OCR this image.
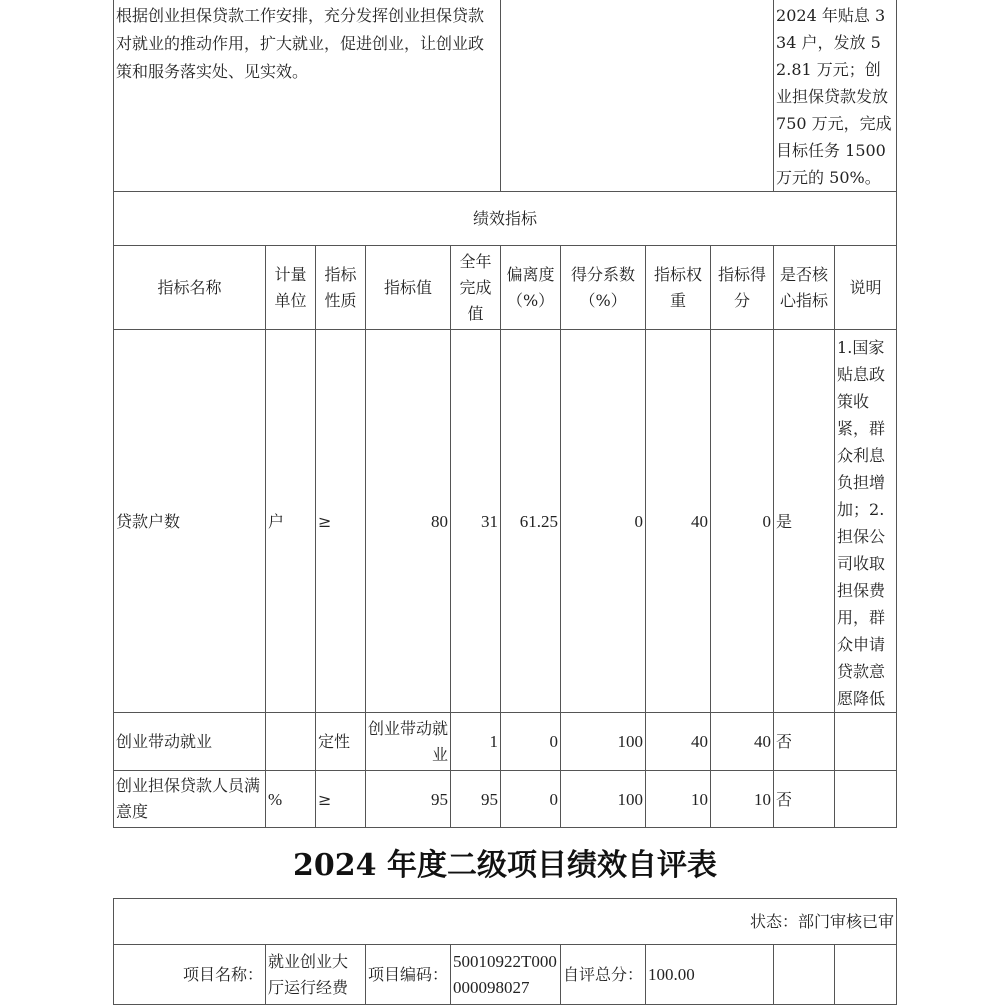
根据创业担保贷款工作安排，充分发挥创业担保贷款对就业的推动作用，扩大就业，促进创业，让创业政策和服务落实处、见实效。									2024 年贴息 334 户，发放 52.81 万元；创业担保贷款发放 750 万元，完成目标任务 1500 万元的 50%。	
绩效指标										
指标名称	计量单位	指标性质	指标值	全年完成值	偏离度（%）	得分系数（%）	指标权重	指标得分	是否核心指标	说明
贷款户数	户	≥	80	31	61.25	0	40	0	是	1.国家贴息政策收紧，群众利息负担增加；2.担保公司收取担保费用，群众申请贷款意愿降低
创业带动就业		定性	创业带动就业	1	0	100	40	40	否	
创业担保贷款人员满意度	%	≥	95	95	0	100	10	10	否	
2024 年度二级项目绩效自评表
状态：部门审核已审
项目名称：	就业创业大厅运行经费	项目编码：	50010922T000000098027	自评总分：	100.00		
